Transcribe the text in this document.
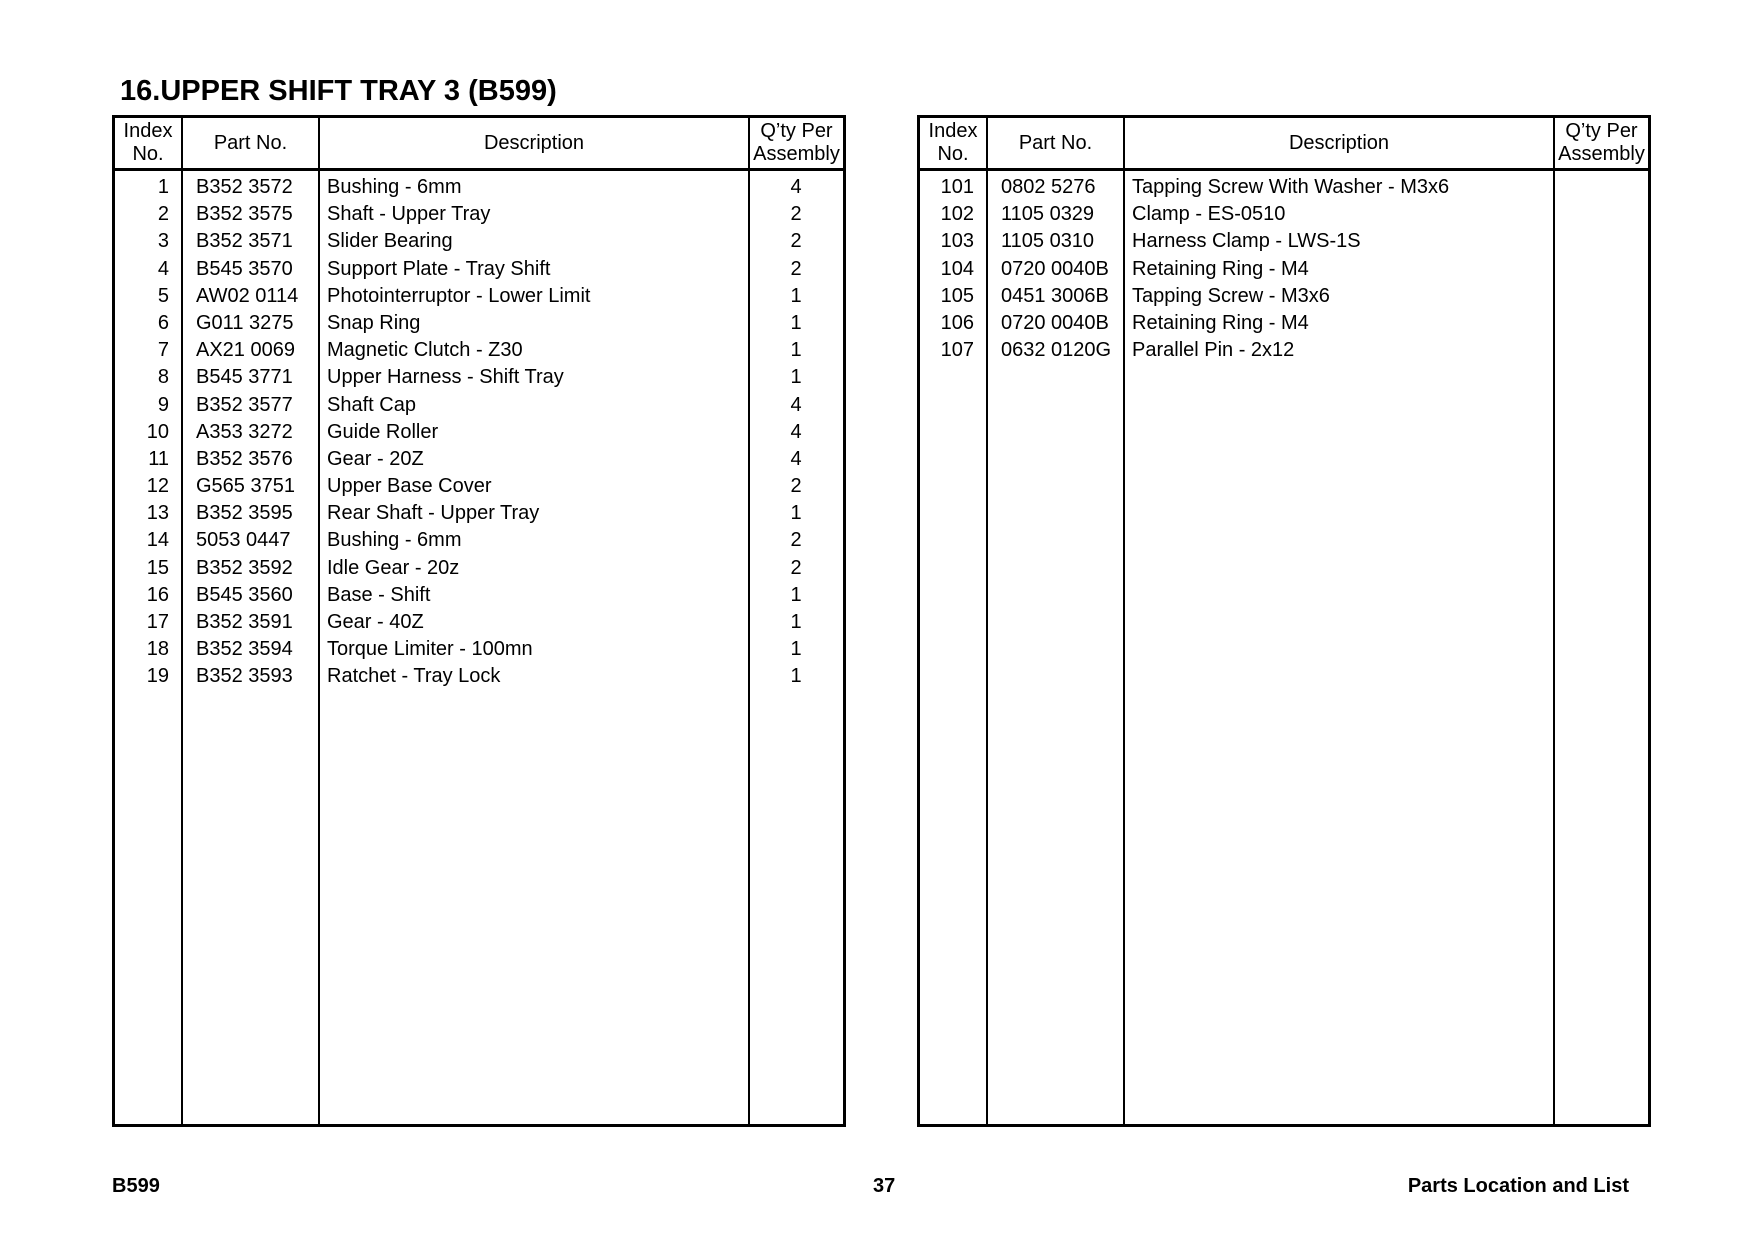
16.UPPER SHIFT TRAY 3 (B599)
Index
No.
Part No.	Description
Q’ty Per
Assembly
1 B352 3572	Bushing - 6mm	4
2 B352 3575	Shaft - Upper Tray	2
3 B352 3571	Slider Bearing	2
4 B545 3570	Support Plate - Tray Shift	2
5 AW02 0114	Photointerruptor - Lower Limit	1
6 G011 3275	Snap Ring	1
7 AX21 0069	Magnetic Clutch - Z30	1
8 B545 3771	Upper Harness - Shift Tray	1
9 B352 3577	Shaft Cap	4
10 A353 3272	Guide Roller	4
11 B352 3576	Gear - 20Z	4
12 G565 3751	Upper Base Cover	2
13 B352 3595	Rear Shaft - Upper Tray	1
14 5053 0447	Bushing - 6mm	2
15 B352 3592	Idle Gear - 20z	2
16 B545 3560	Base - Shift	1
17 B352 3591	Gear - 40Z	1
18 B352 3594	Torque Limiter - 100mn	1
19 B352 3593	Ratchet - Tray Lock	1
Index
No.
Part No.	Description
Q’ty Per
Assembly
101 0802 5276	Tapping Screw With Washer - M3x6
102 1105 0329	Clamp - ES-0510
103 1105 0310	Harness Clamp - LWS-1S
104 0720 0040B	Retaining Ring - M4
105 0451 3006B	Tapping Screw - M3x6
106 0720 0040B	Retaining Ring - M4
107 0632 0120G	Parallel Pin - 2x12
B599	37	Parts Location and List
